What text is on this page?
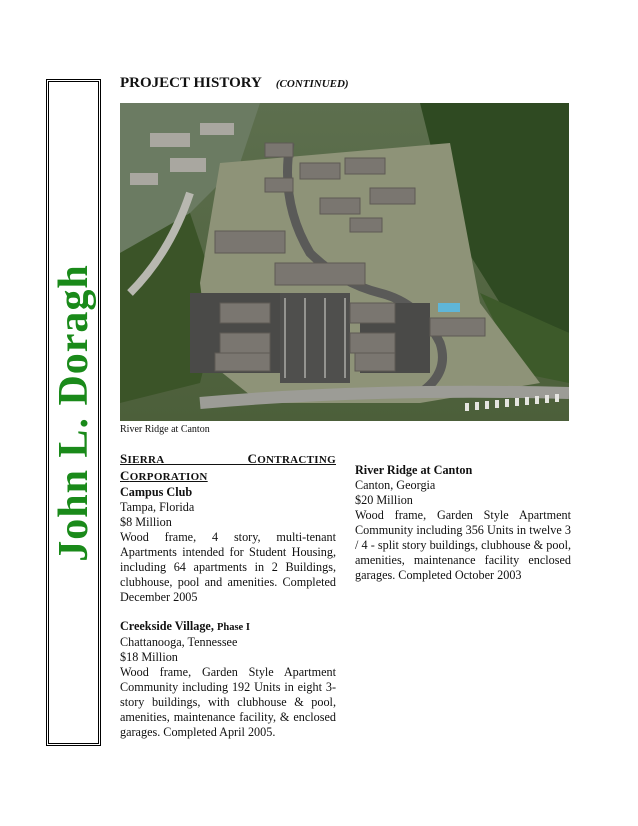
John L. Doragh
PROJECT HISTORY (CONTINUED)
River Ridge at Canton

SIERRA CONTRACTING CORPORATION

Campus Club

Tampa, Florida

$8 Million

Wood frame, 4 story, multi-tenant Apartments intended for Student Housing, including 64 apartments in 2 Buildings, clubhouse, pool and amenities. Completed December 2005

Creekside Village, Phase I

Chattanooga, Tennessee

$18 Million

Wood frame, Garden Style Apartment Community including 192 Units in eight 3-story buildings, with clubhouse & pool, amenities, maintenance facility, & enclosed garages. Completed April 2005.

River Ridge at Canton

Canton, Georgia

$20 Million

Wood frame, Garden Style Apartment Community including 356 Units in twelve 3 / 4 - split story buildings, clubhouse & pool, amenities, maintenance facility enclosed garages. Completed October 2003
